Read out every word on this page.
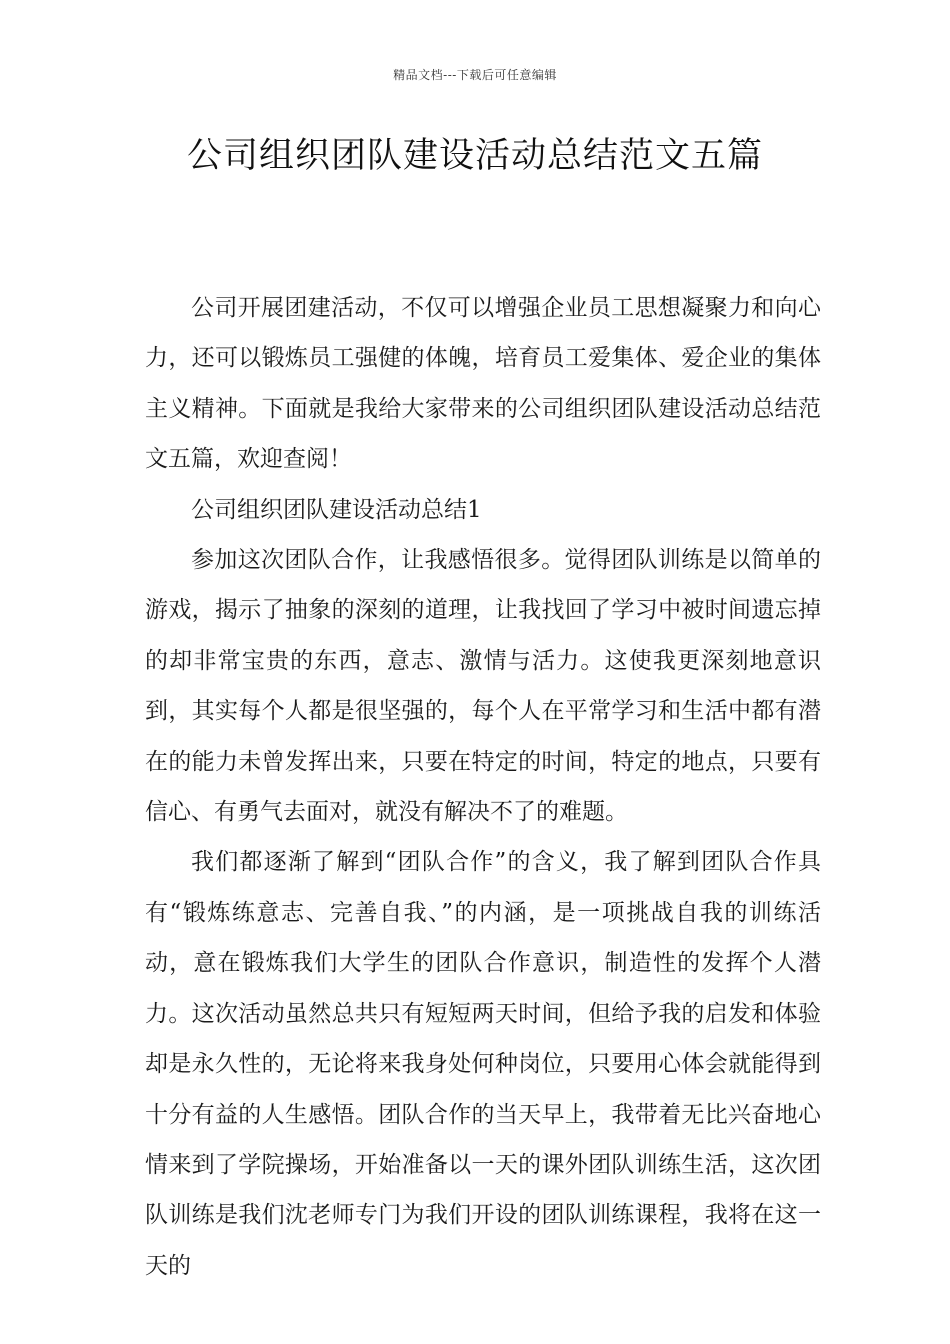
精品文档---下载后可任意编辑
公司组织团队建设活动总结范文五篇

公司开展团建活动，不仅可以增强企业员工思想凝聚力和向心力，还可以锻炼员工强健的体魄，培育员工爱集体、爱企业的集体主义精神。下面就是我给大家带来的公司组织团队建设活动总结范文五篇，欢迎查阅！

公司组织团队建设活动总结1

参加这次团队合作，让我感悟很多。觉得团队训练是以简单的游戏，揭示了抽象的深刻的道理，让我找回了学习中被时间遗忘掉的却非常宝贵的东西，意志、激情与活力。这使我更深刻地意识到，其实每个人都是很坚强的，每个人在平常学习和生活中都有潜在的能力未曾发挥出来，只要在特定的时间，特定的地点，只要有信心、有勇气去面对，就没有解决不了的难题。

我们都逐渐了解到“团队合作”的含义，我了解到团队合作具有“锻炼练意志、完善自我、”的内涵，是一项挑战自我的训练活动，意在锻炼我们大学生的团队合作意识，制造性的发挥个人潜力。这次活动虽然总共只有短短两天时间，但给予我的启发和体验却是永久性的，无论将来我身处何种岗位，只要用心体会就能得到十分有益的人生感悟。团队合作的当天早上，我带着无比兴奋地心情来到了学院操场，开始准备以一天的课外团队训练生活，这次团队训练是我们沈老师专门为我们开设的团队训练课程，我将在这一天的
